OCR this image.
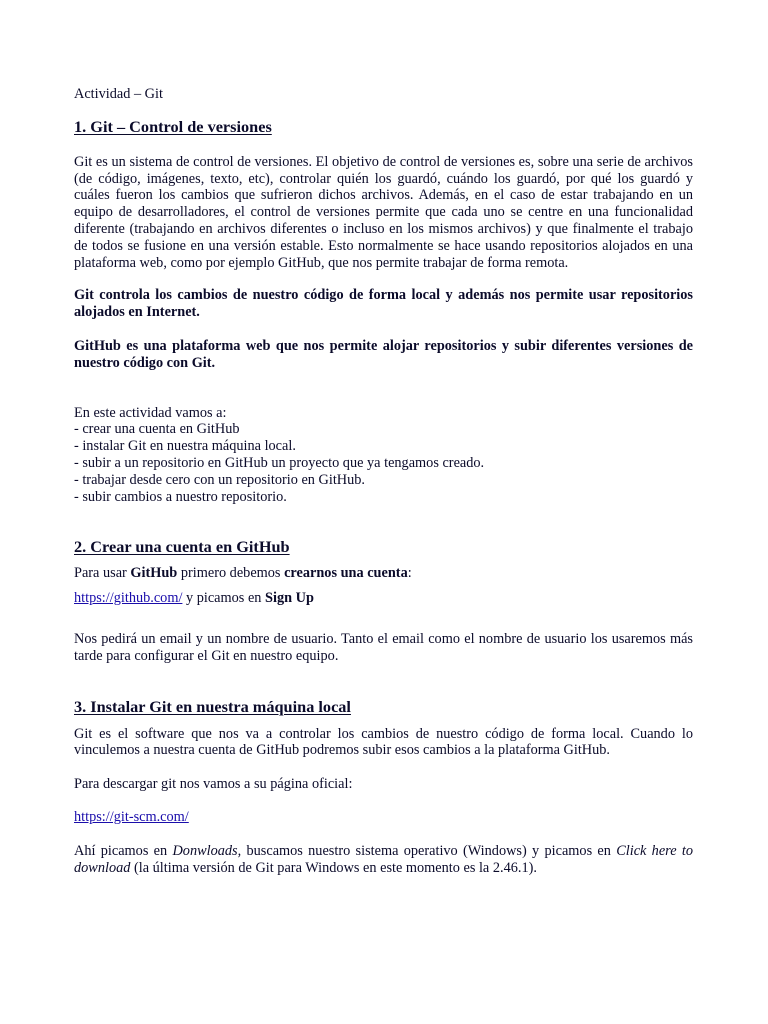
Actividad – Git

1. Git – Control de versiones

Git es un sistema de control de versiones. El objetivo de control de versiones es, sobre una serie de archivos (de código, imágenes, texto, etc), controlar quién los guardó, cuándo los guardó, por qué los guardó y cuáles fueron los cambios que sufrieron dichos archivos. Además, en el caso de estar trabajando en un equipo de desarrolladores, el control de versiones permite que cada uno se centre en una funcionalidad diferente (trabajando en archivos diferentes o incluso en los mismos archivos) y que finalmente el trabajo de todos se fusione en una versión estable. Esto normalmente se hace usando repositorios alojados en una plataforma web, como por ejemplo GitHub, que nos permite trabajar de forma remota.

Git controla los cambios de nuestro código de forma local y además nos permite usar repositorios alojados en Internet.

GitHub es una plataforma web que nos permite alojar repositorios y subir diferentes versiones de nuestro código con Git.

En este actividad vamos a:

- crear una cuenta en GitHub
- instalar Git en nuestra máquina local.
- subir a un repositorio en GitHub un proyecto que ya tengamos creado.
- trabajar desde cero con un repositorio en GitHub.
- subir cambios a nuestro repositorio.

2. Crear una cuenta en GitHub

Para usar GitHub primero debemos crearnos una cuenta:

https://github.com/ y picamos en Sign Up

Nos pedirá un email y un nombre de usuario. Tanto el email como el nombre de usuario los usaremos más tarde para configurar el Git en nuestro equipo.

3. Instalar Git en nuestra máquina local

Git es el software que nos va a controlar los cambios de nuestro código de forma local. Cuando lo vinculemos a nuestra cuenta de GitHub podremos subir esos cambios a la plataforma GitHub.

Para descargar git nos vamos a su página oficial:

https://git-scm.com/

Ahí picamos en Donwloads, buscamos nuestro sistema operativo (Windows) y picamos en Click here to download (la última versión de Git para Windows en este momento es la 2.46.1).
